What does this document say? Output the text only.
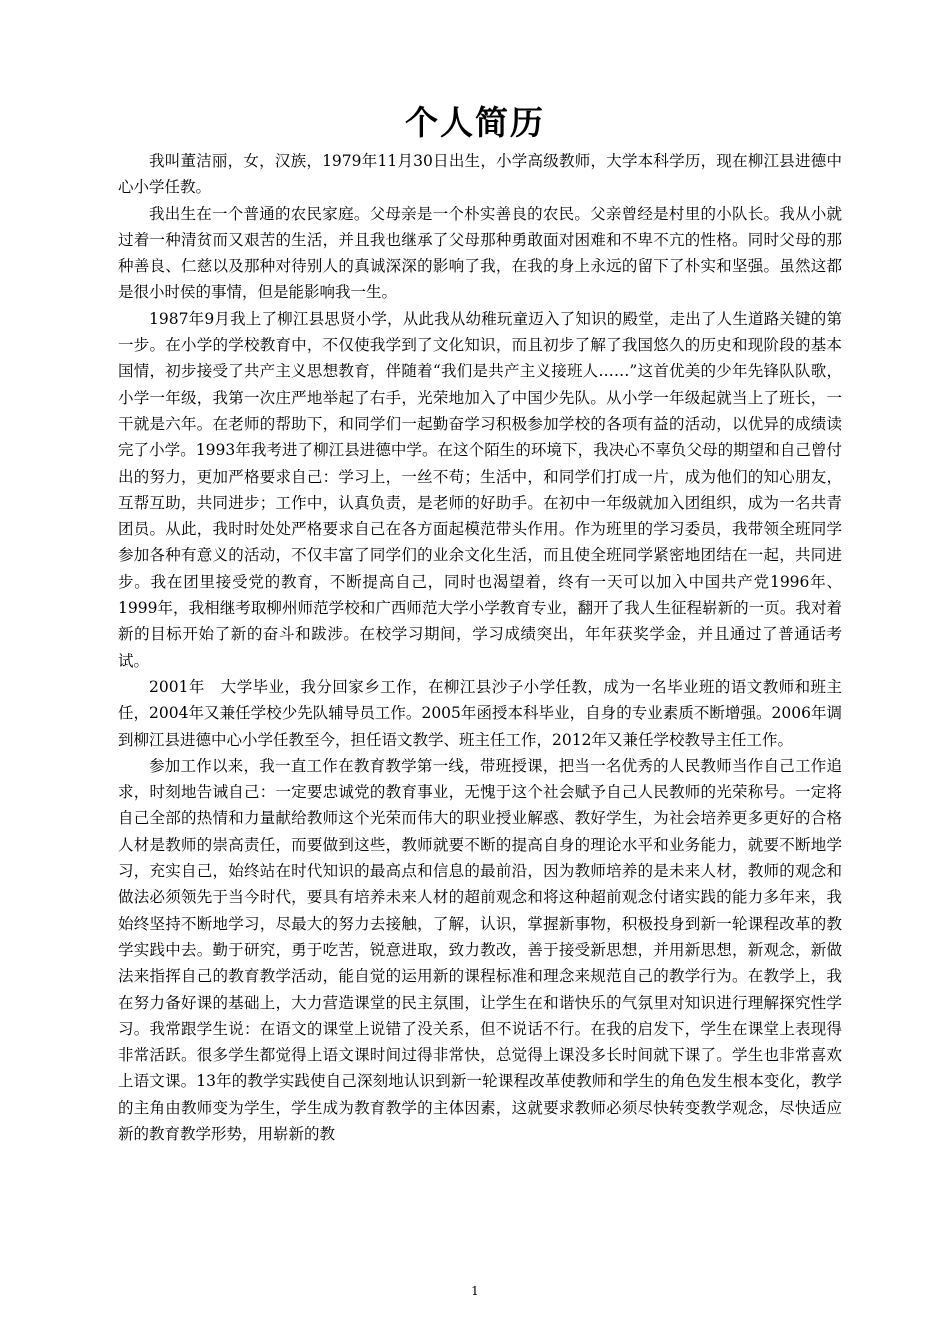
个人简历

我叫董洁丽，女，汉族，1979年11月30日出生，小学高级教师，大学本科学历，现在柳江县进德中心小学任教。

我出生在一个普通的农民家庭。父母亲是一个朴实善良的农民。父亲曾经是村里的小队长。我从小就过着一种清贫而又艰苦的生活，并且我也继承了父母那种勇敢面对困难和不卑不亢的性格。同时父母的那种善良、仁慈以及那种对待别人的真诚深深的影响了我，在我的身上永远的留下了朴实和坚强。虽然这都是很小时侯的事情，但是能影响我一生。

1987年9月我上了柳江县思贤小学，从此我从幼稚玩童迈入了知识的殿堂，走出了人生道路关键的第一步。在小学的学校教育中，不仅使我学到了文化知识，而且初步了解了我国悠久的历史和现阶段的基本国情，初步接受了共产主义思想教育，伴随着“我们是共产主义接班人……”这首优美的少年先锋队队歌，小学一年级，我第一次庄严地举起了右手，光荣地加入了中国少先队。从小学一年级起就当上了班长，一干就是六年。在老师的帮助下，和同学们一起勤奋学习积极参加学校的各项有益的活动，以优异的成绩读完了小学。1993年我考进了柳江县进德中学。在这个陌生的环境下，我决心不辜负父母的期望和自己曾付出的努力，更加严格要求自己：学习上，一丝不苟；生活中，和同学们打成一片，成为他们的知心朋友，互帮互助，共同进步；工作中，认真负责，是老师的好助手。在初中一年级就加入团组织，成为一名共青团员。从此，我时时处处严格要求自己在各方面起模范带头作用。作为班里的学习委员，我带领全班同学参加各种有意义的活动，不仅丰富了同学们的业余文化生活，而且使全班同学紧密地团结在一起，共同进步。我在团里接受党的教育，不断提高自己，同时也渴望着，终有一天可以加入中国共产党1996年、1999年，我相继考取柳州师范学校和广西师范大学小学教育专业，翻开了我人生征程崭新的一页。我对着新的目标开始了新的奋斗和跋涉。在校学习期间，学习成绩突出，年年获奖学金，并且通过了普通话考试。

2001年　大学毕业，我分回家乡工作，在柳江县沙子小学任教，成为一名毕业班的语文教师和班主任，2004年又兼任学校少先队辅导员工作。2005年函授本科毕业，自身的专业素质不断增强。2006年调到柳江县进德中心小学任教至今，担任语文教学、班主任工作，2012年又兼任学校教导主任工作。

参加工作以来，我一直工作在教育教学第一线，带班授课，把当一名优秀的人民教师当作自己工作追求，时刻地告诫自己：一定要忠诚党的教育事业，无愧于这个社会赋予自己人民教师的光荣称号。一定将自己全部的热情和力量献给教师这个光荣而伟大的职业授业解惑、教好学生，为社会培养更多更好的合格人材是教师的崇高责任，而要做到这些，教师就要不断的提高自身的理论水平和业务能力，就要不断地学习，充实自己，始终站在时代知识的最高点和信息的最前沿，因为教师培养的是未来人材，教师的观念和做法必须领先于当今时代，要具有培养未来人材的超前观念和将这种超前观念付诸实践的能力多年来，我始终坚持不断地学习，尽最大的努力去接触，了解，认识，掌握新事物，积极投身到新一轮课程改革的教学实践中去。勤于研究，勇于吃苦，锐意进取，致力教改，善于接受新思想，并用新思想，新观念，新做法来指挥自己的教育教学活动，能自觉的运用新的课程标准和理念来规范自己的教学行为。在教学上，我在努力备好课的基础上，大力营造课堂的民主氛围，让学生在和谐快乐的气氛里对知识进行理解探究性学习。我常跟学生说：在语文的课堂上说错了没关系，但不说话不行。在我的启发下，学生在课堂上表现得非常活跃。很多学生都觉得上语文课时间过得非常快，总觉得上课没多长时间就下课了。学生也非常喜欢上语文课。13年的教学实践使自己深刻地认识到新一轮课程改革使教师和学生的角色发生根本变化，教学的主角由教师变为学生，学生成为教育教学的主体因素，这就要求教师必须尽快转变教学观念，尽快适应新的教育教学形势，用崭新的教

1
